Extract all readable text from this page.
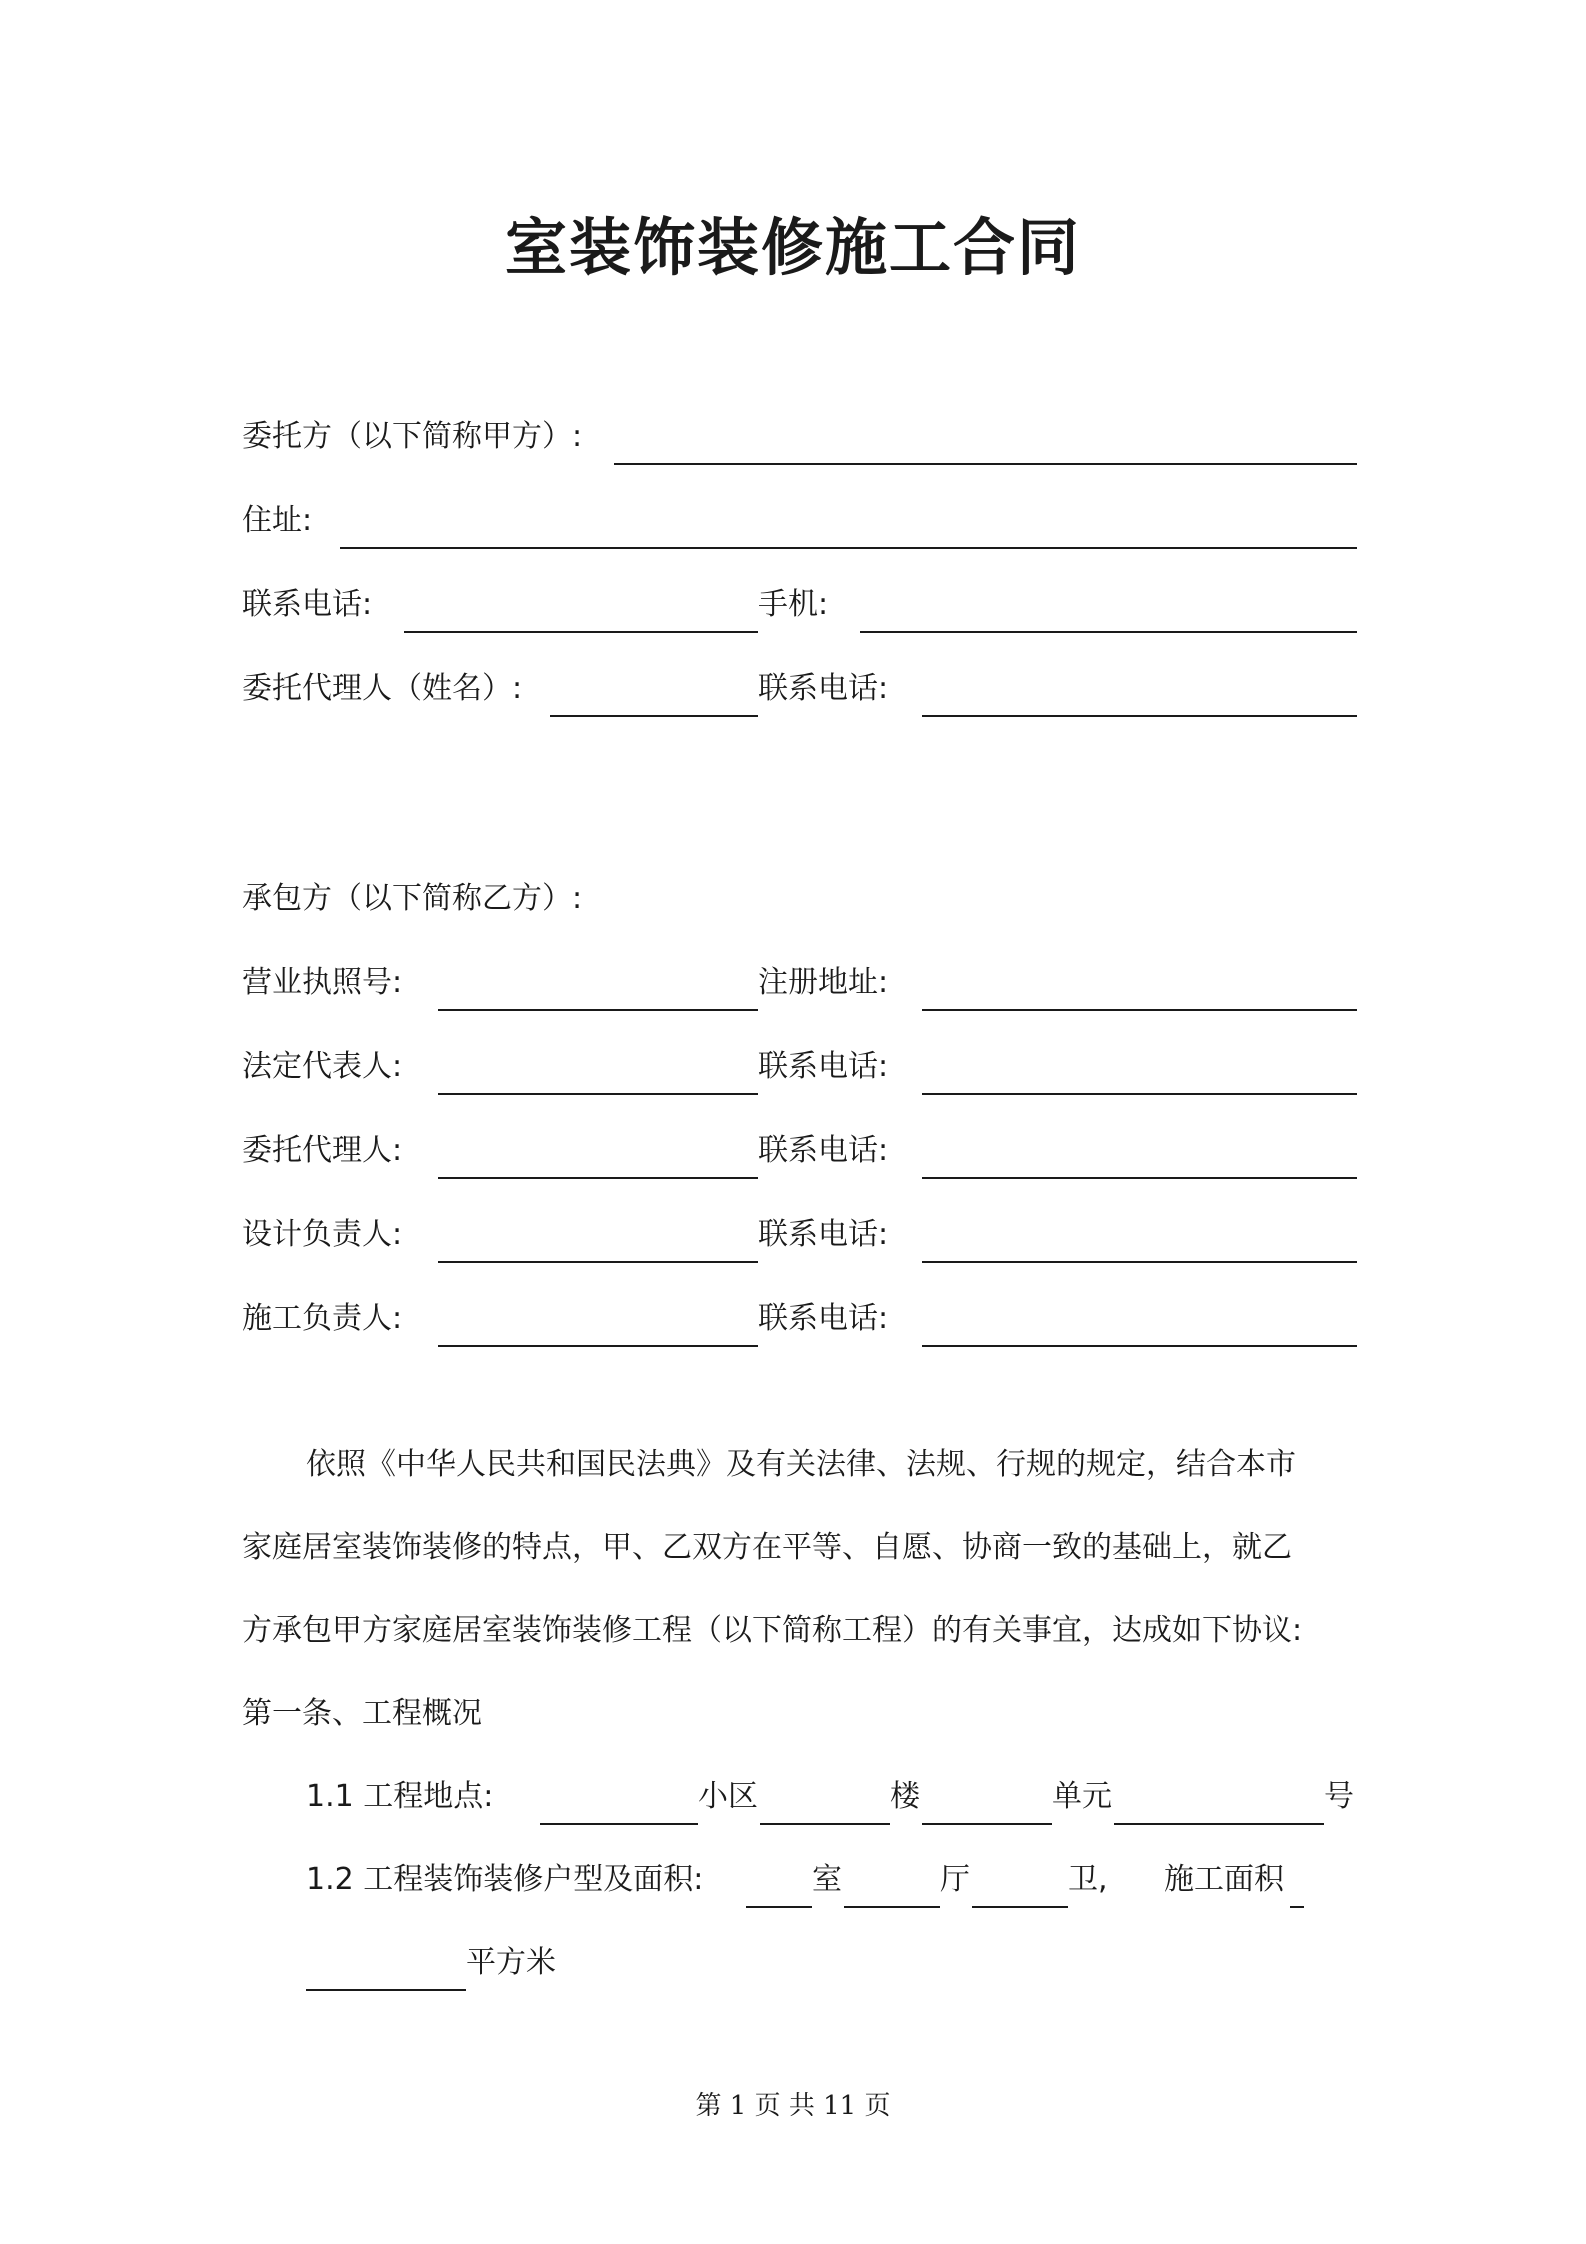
室装饰装修施工合同
委托方（以下简称甲方）:
住址:
联系电话:	手机:
委托代理人（姓名）:	联系电话:
承包方（以下简称乙方）:
营业执照号:	注册地址:
法定代表人:	联系电话:
委托代理人:	联系电话:
设计负责人:	联系电话:
施工负责人:	联系电话:
依照《中华人民共和国民法典》及有关法律、法规、行规的规定，结合本市
家庭居室装饰装修的特点，甲、乙双方在平等、自愿、协商一致的基础上，就乙
方承包甲方家庭居室装饰装修工程（以下简称工程）的有关事宜，达成如下协议:
第一条、工程概况
1.1 工程地点:	小区	楼	单元	号
1.2 工程装饰装修户型及面积:	室	厅	卫, 施工面积
平方米
第 1 页 共 11 页
